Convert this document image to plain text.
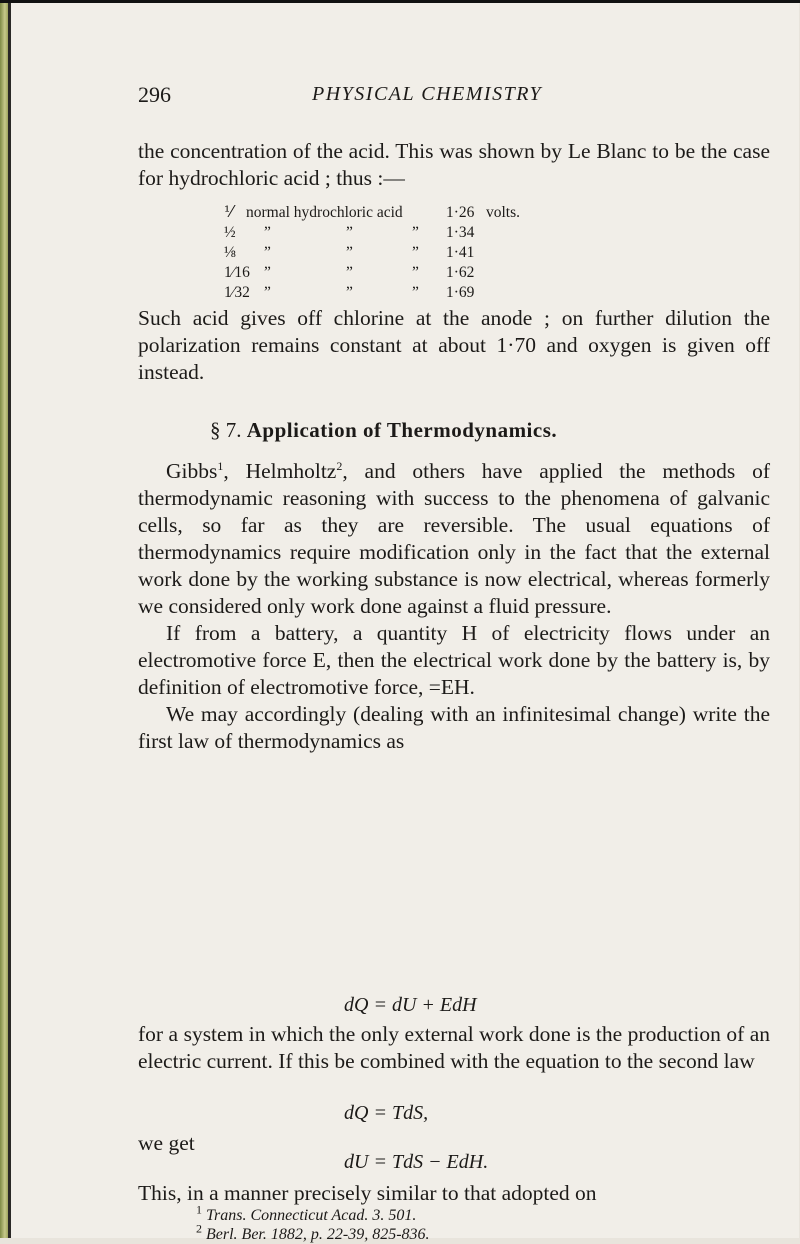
296	PHYSICAL CHEMISTRY
the concentration of the acid. This was shown by Le Blanc to be the case for hydrochloric acid ; thus :—
⅟ normal hydrochloric acid	1·26 volts.
½	”	”	” 1·34
⅛	”	”	” 1·41
1⁄16 ”	”	” 1·62
1⁄32 ”	”	” 1·69
Such acid gives off chlorine at the anode ; on further dilution the polarization remains constant at about 1·70 and oxygen is given off instead.
§ 7. Application of Thermodynamics.
Gibbs$^1$, Helmholtz$^2$, and others have applied the methods of thermodynamic reasoning with success to the phenomena of galvanic cells, so far as they are reversible. The usual equations of thermodynamics require modification only in the fact that the external work done by the working substance is now electrical, whereas formerly we considered only work done against a fluid pressure.
If from a battery, a quantity H of electricity flows under an electromotive force E, then the electrical work done by the battery is, by definition of electromotive force, =EH.
We may accordingly (dealing with an infinitesimal change) write the first law of thermodynamics as
dQ = dU + EdH
for a system in which the only external work done is the production of an electric current. If this be combined with the equation to the second law
dQ = TdS,
we get
dU = TdS − EdH.
This, in a manner precisely similar to that adopted on
$^1$ Trans. Connecticut Acad. 3. 501.
$^2$ Berl. Ber. 1882, p. 22-39, 825-836.
